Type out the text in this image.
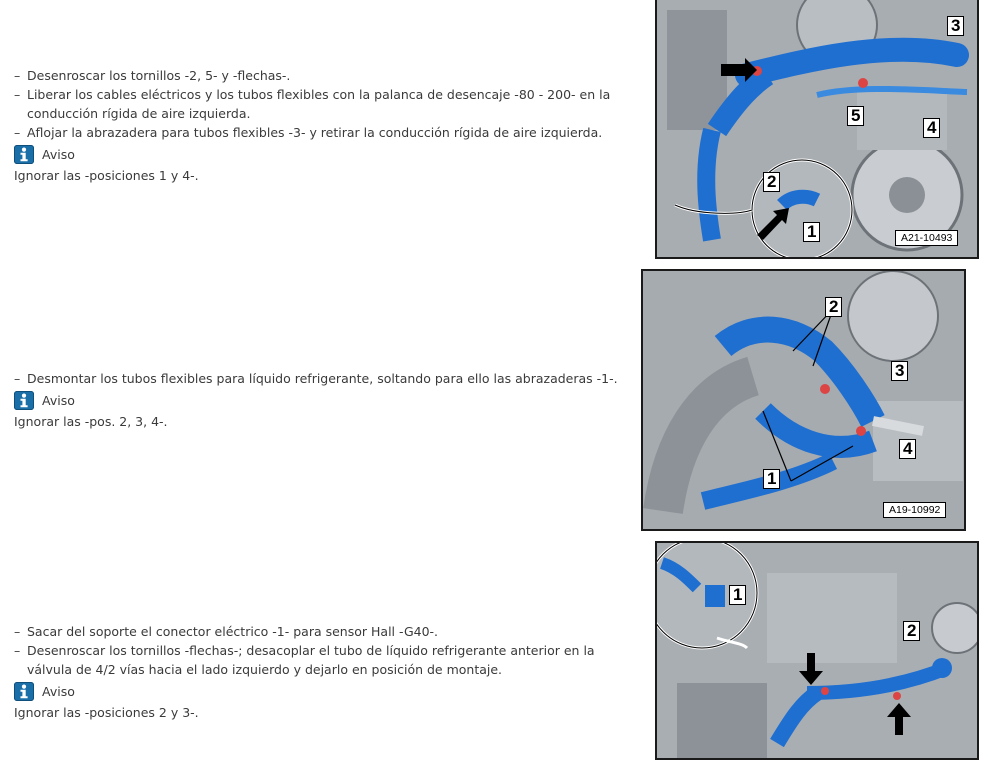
– Desenroscar los tornillos -2, 5- y -flechas-.

– Liberar los cables eléctricos y los tubos flexibles con la palanca de desencaje -80 - 200- en la conducción rígida de aire izquierda.

– Aflojar la abrazadera para tubos flexibles -3- y retirar la conducción rígida de aire izquierda.

Aviso

Ignorar las -posiciones 1 y 4-.

– Desmontar los tubos flexibles para líquido refrigerante, soltando para ello las abrazaderas -1-.

Aviso

Ignorar las -pos. 2, 3, 4-.

– Sacar del soporte el conector eléctrico -1- para sensor Hall -G40-.

– Desenroscar los tornillos -flechas-; desacoplar el tubo de líquido refrigerante anterior en la válvula de 4/2 vías hacia el lado izquierdo y dejarlo en posición de montaje.

Aviso

Ignorar las -posiciones 2 y 3-.

3
4
5
2
1	A21-10493
2
3
4
1
A19-10992
1
2
